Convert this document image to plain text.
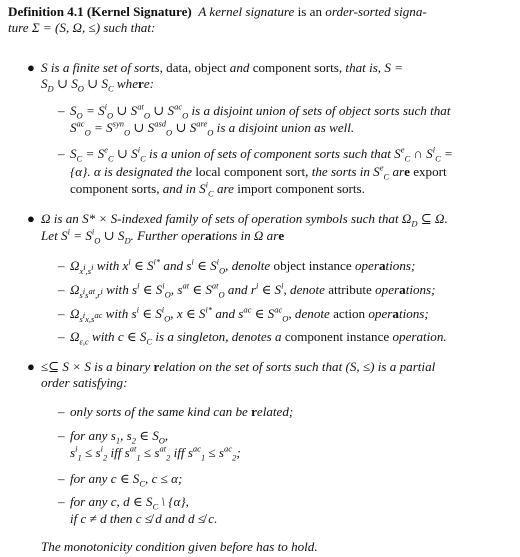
Definition 4.1 (Kernel Signature)  A kernel signature is an order-sorted signa-
ture Σ = (S, Ω, ≤) such that:
● S is a finite set of sorts, data, object and component sorts, that is, S =
$S_D$ ∪ $S_O$ ∪ $S_C$ where:
– $S_O = S^i_O$ ∪ $S^{at}_O$ ∪ $S^{ac}_O$ is a disjoint union of sets of object sorts such that
$S^{ac}_O = S^{syn}_O$ ∪ $S^{asd}_O$ ∪ $S^{are}_O$ is a disjoint union as well.
– $S_C = S^e_C$ ∪ $S^i_C$ is a union of sets of component sorts such that $S^e_C$ ∩ $S^i_C$ =
{α}. α is designated the local component sort, the sorts in $S^e_C$ are export
component sorts, and in $S^i_C$ are import component sorts.
● Ω is an S* × S-indexed family of sets of operation symbols such that $\Omega_D$ ⊆ Ω.
Let $S^i = S^i_O$ ∪ $S_D$. Further operations in Ω are
– $\Omega_{x^i,s^i}$ with $x^i$ ∈ $S^{i*}$ and $s^i$ ∈ $S^i_O$, denolte object instance operations;
– $\Omega_{s^is^{at},r^i}$ with $s^i$ ∈ $S^i_O$, $s^{at}$ ∈ $S^{at}_O$ and $r^i$ ∈ $S^i$, denote attribute operations;
– $\Omega_{s^ix,s^{ac}}$ with $s^i$ ∈ $S^i_O$, x ∈ $S^{i*}$ and $s^{ac}$ ∈ $S^{ac}_O$, denote action operations;
– $\Omega_{\varepsilon,c}$ with c ∈ $S_C$ is a singleton, denotes a component instance operation.
● ≤⊆ S × S is a binary relation on the set of sorts such that (S, ≤) is a partial
order satisfying:
– only sorts of the same kind can be related;
– for any $s_1$, $s_2$ ∈ $S_O$,
$s^i_1 \le s^i_2$ iff $s^{at}_1 \le s^{at}_2$ iff $s^{ac}_1 \le s^{ac}_2$;
– for any c ∈ $S_C$, c ≤ α;
– for any c, d ∈ $S_C$ \ {α},
if c ≠ d then c ≰ d and d ≰ c.
The monotonicity condition given before has to hold.
